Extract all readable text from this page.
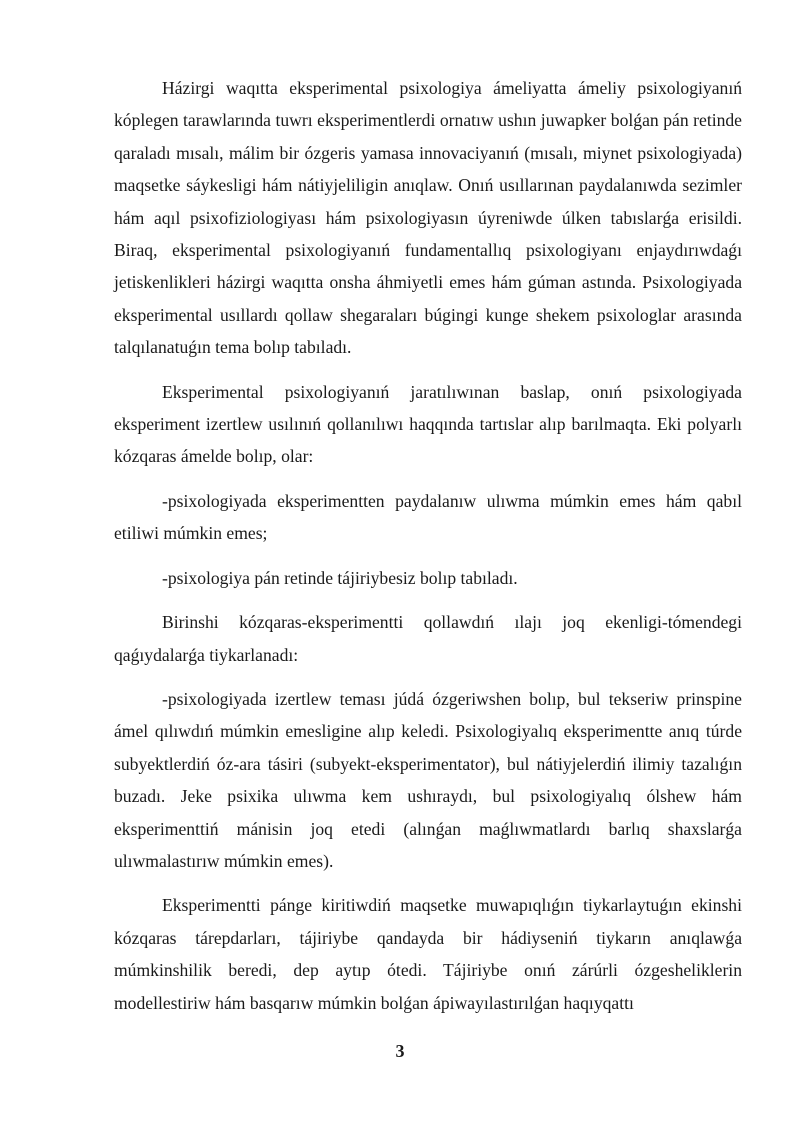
Házirgi waqıtta eksperimental psixologiya ámeliyatta ámeliy psixologiyanıń kóplegen tarawlarında tuwrı eksperimentlerdi ornatıw ushın juwapker bolǵan pán retinde qaraladı mısalı, málim bir ózgeris yamasa innovaciyanıń (mısalı, miynet psixologiyada) maqsetke sáykesligi hám nátiyjeliligin anıqlaw. Onıń usıllarınan paydalanıwda sezimler hám aqıl psixofiziologiyası hám psixologiyasın úyreniwde úlken tabıslarǵa erisildi. Biraq, eksperimental psixologiyanıń fundamentallıq psixologiyanı enjaydırıwdaǵı jetiskenlikleri házirgi waqıtta onsha áhmiyetli emes hám gúman astında. Psixologiyada eksperimental usıllardı qollaw shegaraları búgingi kunge shekem psixologlar arasında talqılanatuǵın tema bolıp tabıladı.

Eksperimental psixologiyanıń jaratılıwınan baslap, onıń psixologiyada eksperiment izertlew usılınıń qollanılıwı haqqında tartıslar alıp barılmaqta. Eki polyarlı kózqaras ámelde bolıp, olar:

-psixologiyada eksperimentten paydalanıw ulıwma múmkin emes hám qabıl etiliwi múmkin emes;

-psixologiya pán retinde tájiriybesiz bolıp tabıladı.

Birinshi kózqaras-eksperimentti qollawdıń ılajı joq ekenligi-tómendegi qaǵıydalarǵa tiykarlanadı:

-psixologiyada izertlew teması júdá ózgeriwshen bolıp, bul tekseriw prinspine ámel qılıwdıń múmkin emesligine alıp keledi. Psixologiyalıq eksperimentte anıq túrde subyektlerdiń óz-ara tásiri (subyekt-eksperimentator), bul nátiyjelerdiń ilimiy tazalıǵın buzadı. Jeke psixika ulıwma kem ushıraydı, bul psixologiyalıq ólshew hám eksperimenttiń mánisin joq etedi (alınǵan maǵlıwmatlardı barlıq shaxslarǵa ulıwmalastırıw múmkin emes).

Eksperimentti pánge kiritiwdiń maqsetke muwapıqlıǵın tiykarlaytuǵın ekinshi kózqaras tárepdarları, tájiriybe qandayda bir hádiyseniń tiykarın anıqlawǵa múmkinshilik beredi, dep aytıp ótedi. Tájiriybe onıń zárúrli ózgesheliklerin modellestiriw hám basqarıw múmkin bolǵan ápiwayılastırılǵan haqıyqattı

3
